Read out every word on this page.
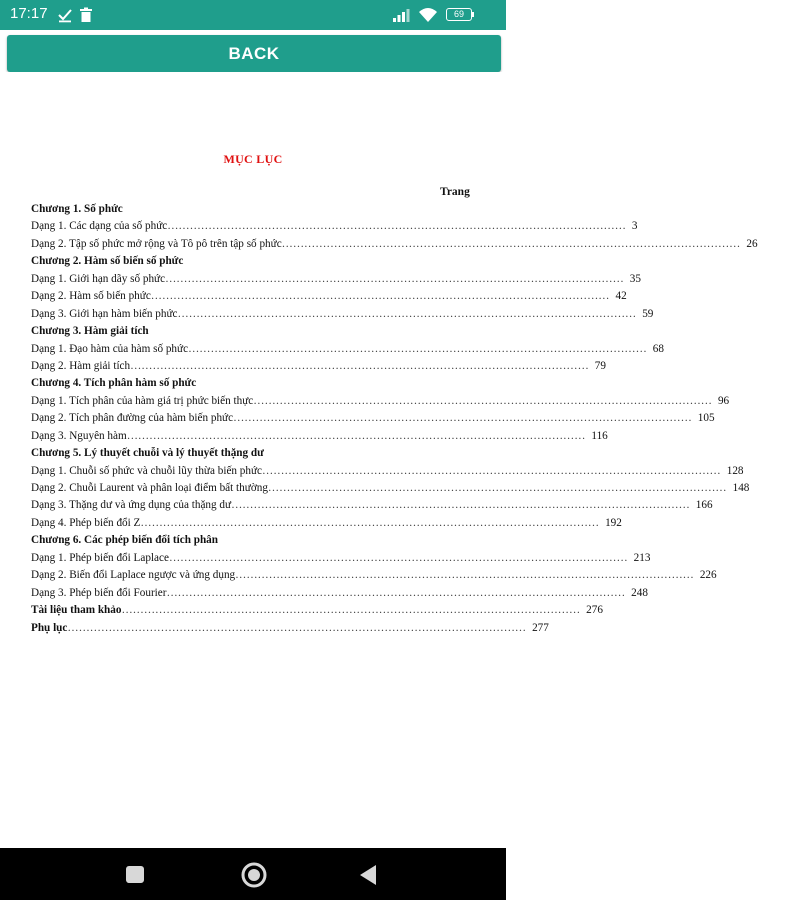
17:17	69
BACK
MỤC LỤC
Trang
Chương 1. Số phức
Dạng 1. Các dạng của số phức …………………………………………………………………………………………………………… 3
Dạng 2. Tập số phức mở rộng và Tô pô trên tập số phức …………………………………………………………………………………………………………… 26
Chương 2. Hàm số biến số phức
Dạng 1. Giới hạn dãy số phức …………………………………………………………………………………………………………… 35
Dạng 2. Hàm số biến phức …………………………………………………………………………………………………………… 42
Dạng 3. Giới hạn hàm biến phức …………………………………………………………………………………………………………… 59
Chương 3. Hàm giải tích
Dạng 1. Đạo hàm của hàm số phức …………………………………………………………………………………………………………… 68
Dạng 2. Hàm giải tích …………………………………………………………………………………………………………… 79
Chương 4. Tích phân hàm số phức
Dạng 1. Tích phân của hàm giá trị phức biến thực …………………………………………………………………………………………………………… 96
Dạng 2. Tích phân đường của hàm biến phức …………………………………………………………………………………………………………… 105
Dạng 3. Nguyên hàm …………………………………………………………………………………………………………… 116
Chương 5. Lý thuyết chuỗi và lý thuyết thặng dư
Dạng 1. Chuỗi số phức và chuỗi lũy thừa biến phức …………………………………………………………………………………………………………… 128
Dạng 2. Chuỗi Laurent và phân loại điểm bất thường …………………………………………………………………………………………………………… 148
Dạng 3. Thặng dư và ứng dụng của thặng dư …………………………………………………………………………………………………………… 166
Dạng 4. Phép biến đổi Z …………………………………………………………………………………………………………… 192
Chương 6. Các phép biến đổi tích phân
Dạng 1. Phép biến đổi Laplace …………………………………………………………………………………………………………… 213
Dạng 2. Biến đổi Laplace ngược và ứng dụng …………………………………………………………………………………………………………… 226
Dạng 3. Phép biến đổi Fourier …………………………………………………………………………………………………………… 248
Tài liệu tham khảo …………………………………………………………………………………………………………… 276
Phụ lục …………………………………………………………………………………………………………… 277
